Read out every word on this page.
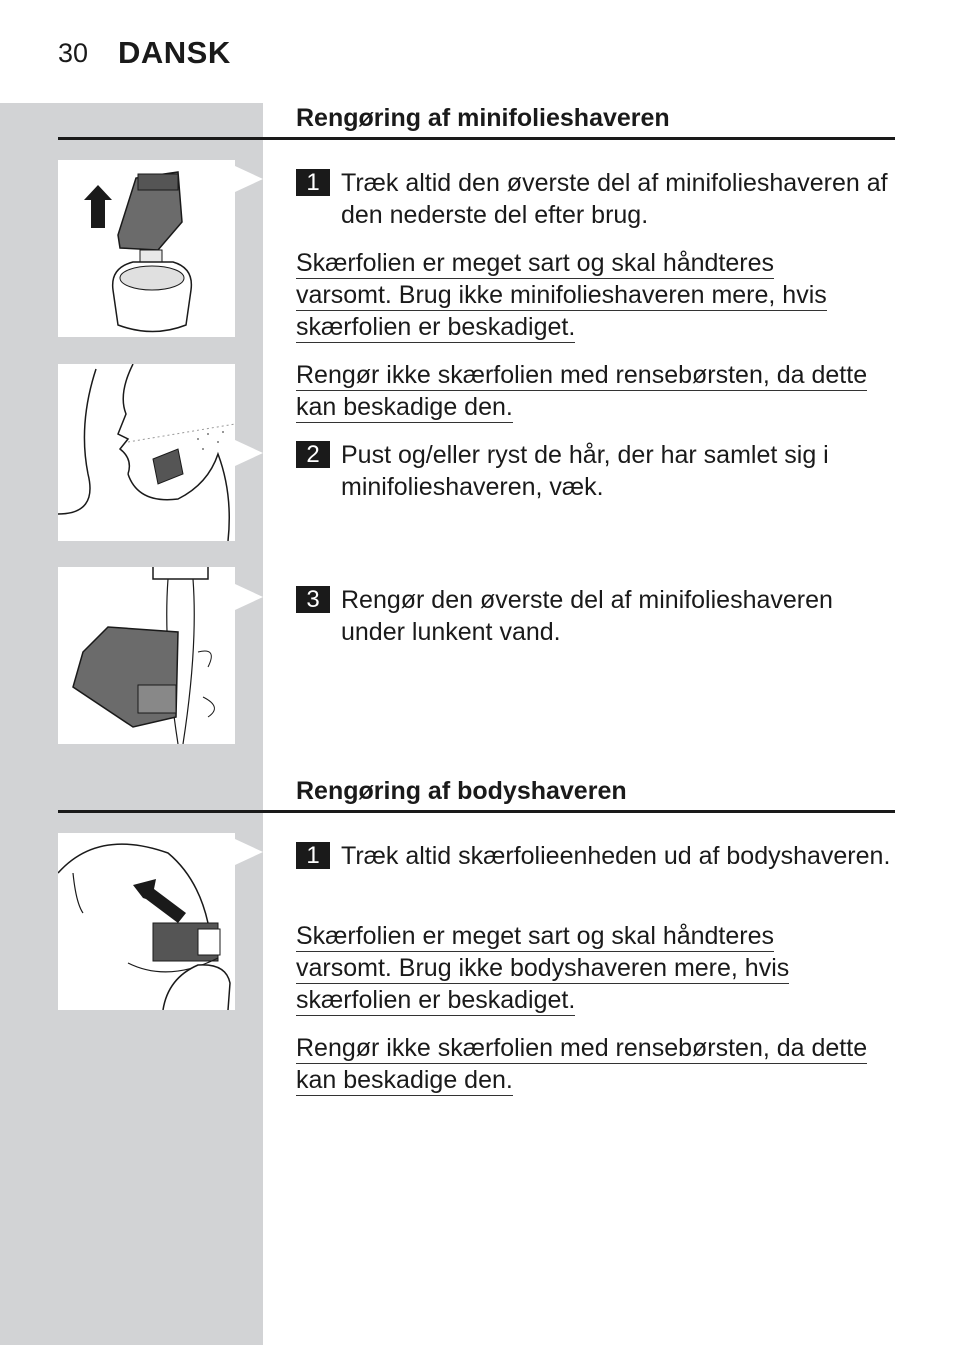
30 DANSK
Rengøring af minifolieshaveren
1 Træk altid den øverste del af minifolieshaveren af den nederste del efter brug.
Skærfolien er meget sart og skal håndteres
varsomt. Brug ikke minifolieshaveren mere, hvis
skærfolien er beskadiget.
Rengør ikke skærfolien med rensebørsten, da dette
kan beskadige den.
2 Pust og/eller ryst de hår, der har samlet sig i minifolieshaveren, væk.
3 Rengør den øverste del af minifolieshaveren under lunkent vand.
Rengøring af bodyshaveren
1 Træk altid skærfolieenheden ud af bodyshaveren.
Skærfolien er meget sart og skal håndteres
varsomt. Brug ikke bodyshaveren mere, hvis
skærfolien er beskadiget.
Rengør ikke skærfolien med rensebørsten, da dette
kan beskadige den.
